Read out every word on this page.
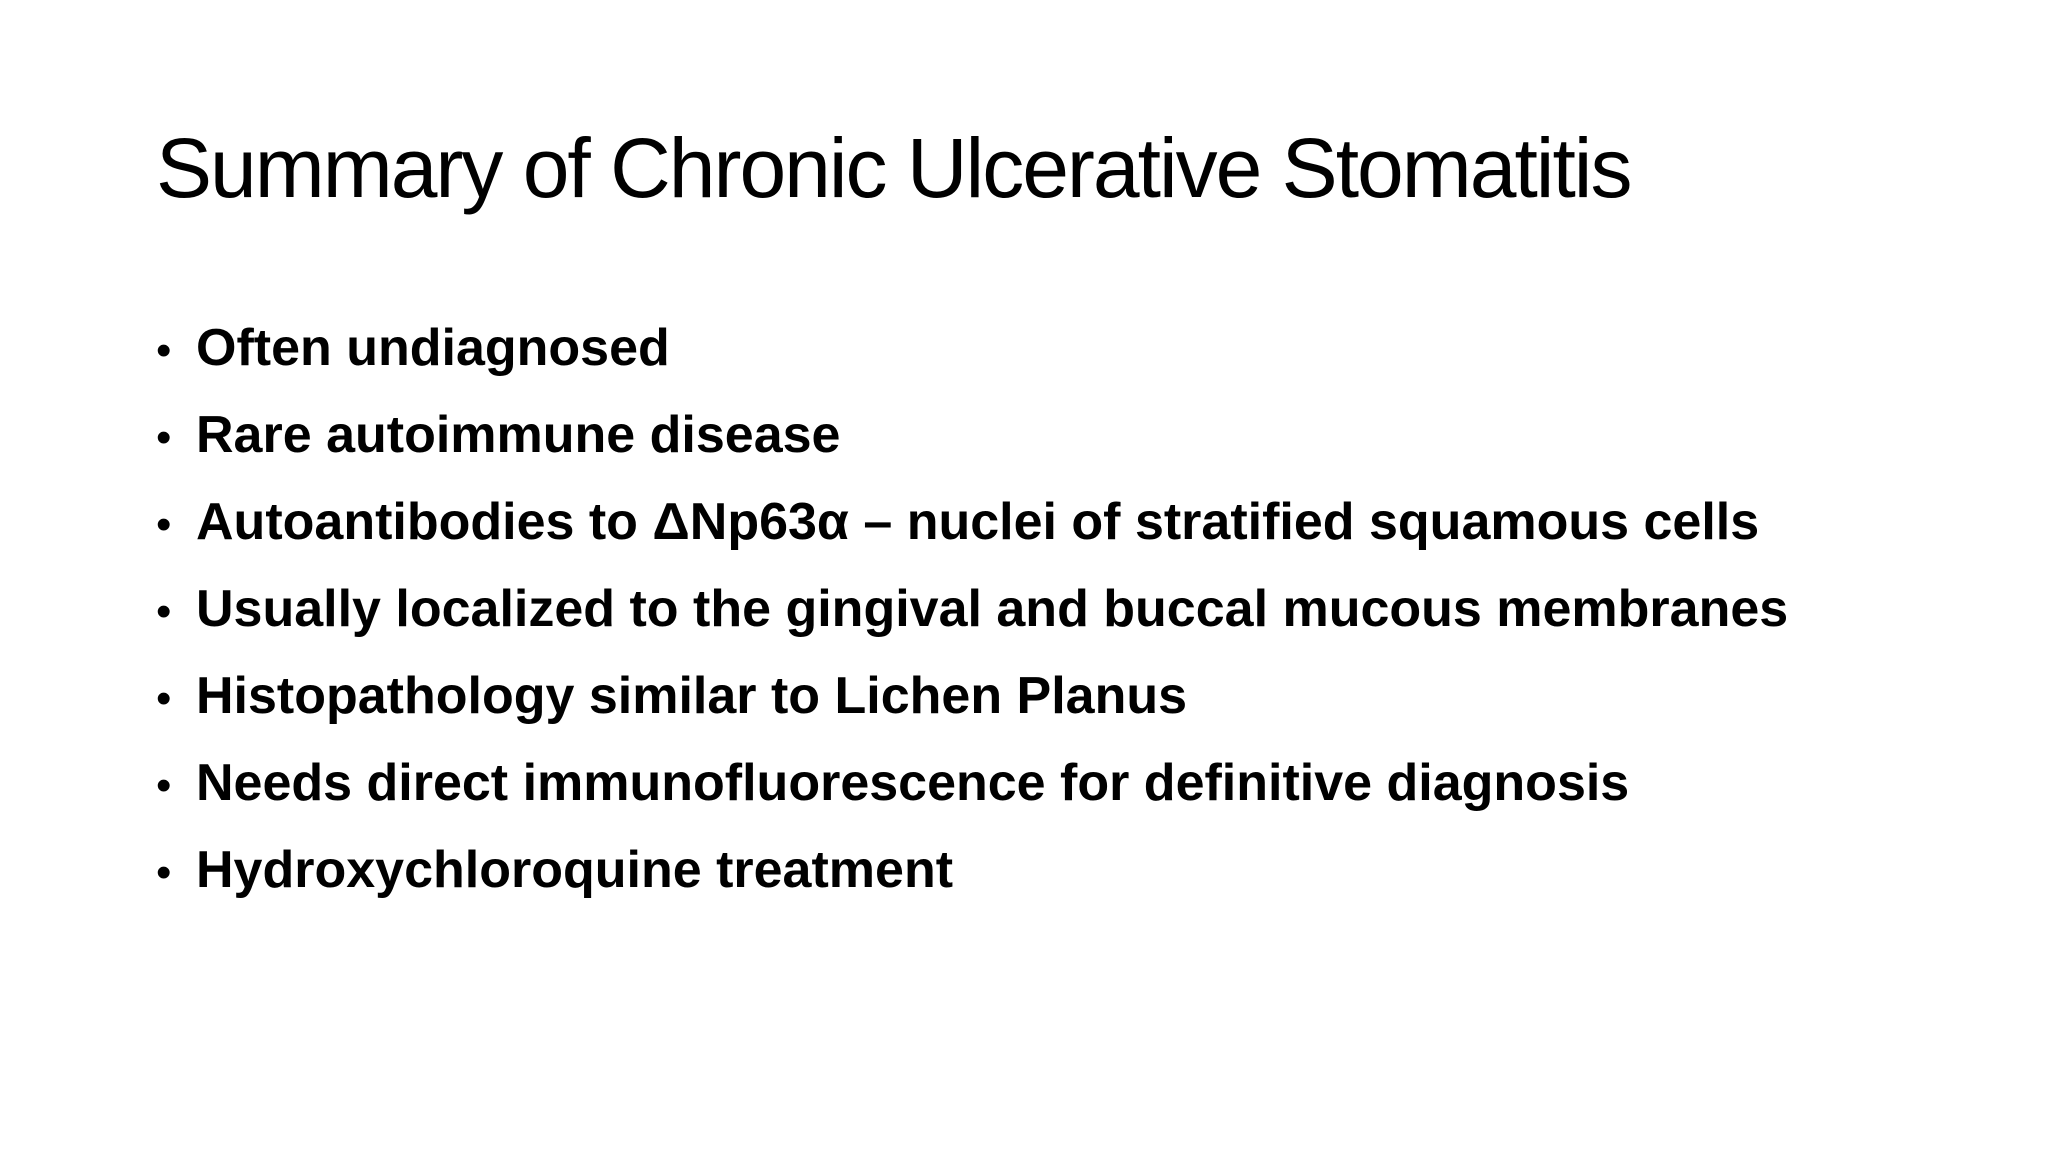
Summary of Chronic Ulcerative Stomatitis
• Often undiagnosed
• Rare autoimmune disease
• Autoantibodies to ΔNp63α – nuclei of stratified squamous cells
• Usually localized to the gingival and buccal mucous membranes
• Histopathology similar to Lichen Planus
• Needs direct immunofluorescence for definitive diagnosis
• Hydroxychloroquine treatment
